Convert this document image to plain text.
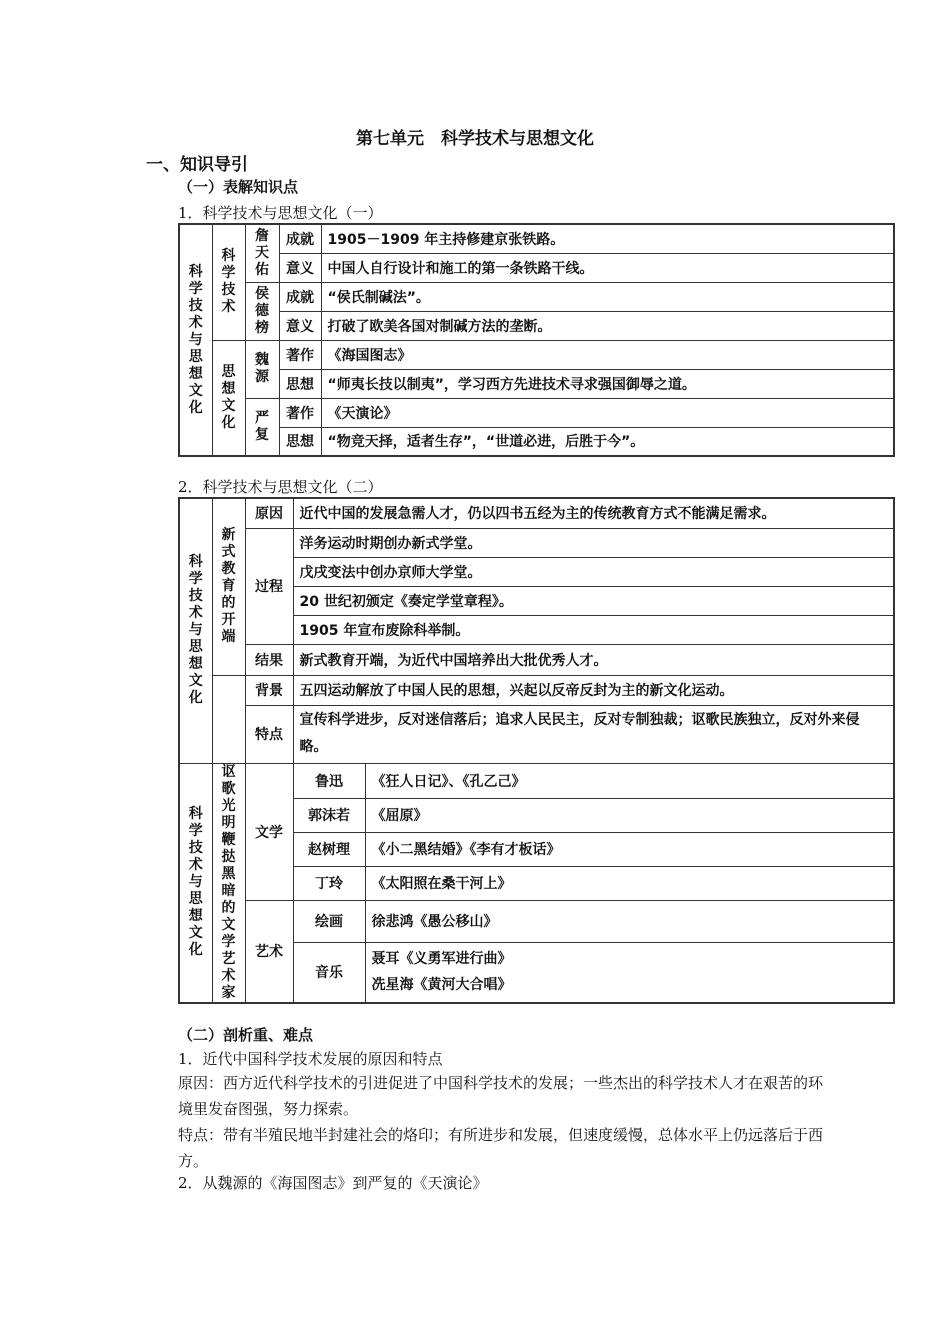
第七单元　科学技术与思想文化
一、知识导引
（一）表解知识点
1．科学技术与思想文化（一）
科学技术与思想文化	科学技术	詹天佑	成就	1905－1909 年主持修建京张铁路。
			意义	中国人自行设计和施工的第一条铁路干线。
		侯德榜	成就	“侯氏制碱法”。
			意义	打破了欧美各国对制碱方法的垄断。
	思想文化	魏源	著作	《海国图志》
			思想	“师夷长技以制夷”，学习西方先进技术寻求强国御辱之道。
		严复	著作	《天演论》
			思想	“物竞天择，适者生存”，“世道必进，后胜于今”。
2．科学技术与思想文化（二）
科学技术与思想文化	新式教育的开端	原因	近代中国的发展急需人才，仍以四书五经为主的传统教育方式不能满足需求。	
		过程	洋务运动时期创办新式学堂。	
			戊戌变法中创办京师大学堂。	
			20 世纪初颁定《奏定学堂章程》。	
			1905 年宣布废除科举制。	
		结果	新式教育开端，为近代中国培养出大批优秀人才。	
		背景	五四运动解放了中国人民的思想，兴起以反帝反封为主的新文化运动。	
		特点	宣传科学进步，反对迷信落后；追求人民民主，反对专制独裁；讴歌民族独立，反对外来侵略。	
科学技术与思想文化	讴歌光明鞭挞黑暗的文学艺术家	文学	鲁迅	《狂人日记》、《孔乙己》
			郭沫若	《屈原》
			赵树理	《小二黑结婚》《李有才板话》
			丁玲	《太阳照在桑干河上》
		艺术	绘画	徐悲鸿《愚公移山》
			音乐	聂耳《义勇军进行曲》
冼星海《黄河大合唱》
（二）剖析重、难点
1．近代中国科学技术发展的原因和特点
原因：西方近代科学技术的引进促进了中国科学技术的发展；一些杰出的科学技术人才在艰苦的环境里发奋图强，努力探索。
特点：带有半殖民地半封建社会的烙印；有所进步和发展，但速度缓慢，总体水平上仍远落后于西方。
2．从魏源的《海国图志》到严复的《天演论》
